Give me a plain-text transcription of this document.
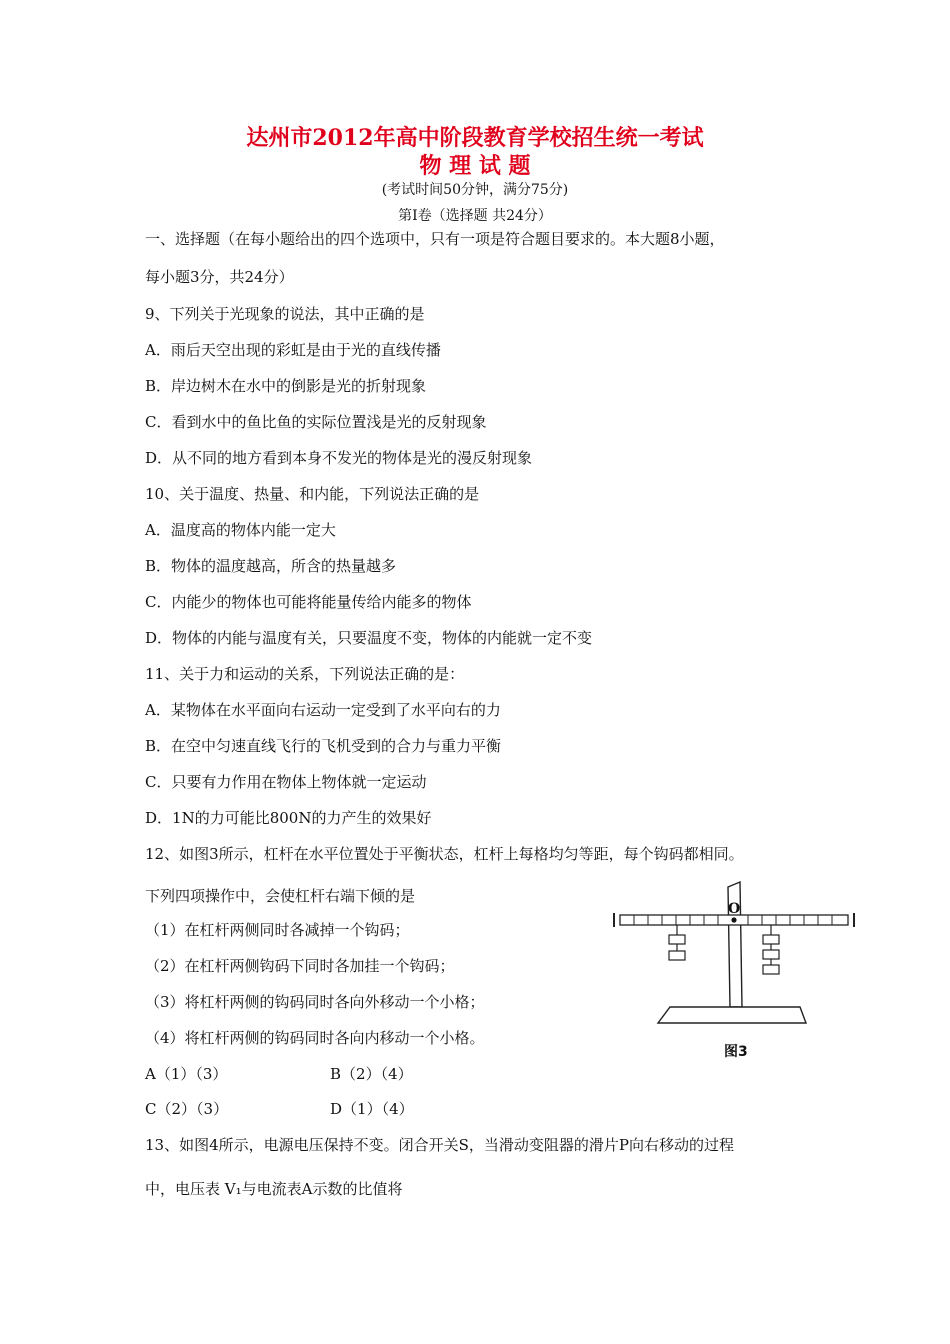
达州市2012年高中阶段教育学校招生统一考试
物 理 试 题
(考试时间50分钟，满分75分)
第Ⅰ卷（选择题 共24分）
一、选择题（在每小题给出的四个选项中，只有一项是符合题目要求的。本大题8小题，
每小题3分，共24分）
9、下列关于光现象的说法，其中正确的是
A．雨后天空出现的彩虹是由于光的直线传播
B．岸边树木在水中的倒影是光的折射现象
C．看到水中的鱼比鱼的实际位置浅是光的反射现象
D．从不同的地方看到本身不发光的物体是光的漫反射现象
10、关于温度、热量、和内能，下列说法正确的是
A．温度高的物体内能一定大
B．物体的温度越高，所含的热量越多
C．内能少的物体也可能将能量传给内能多的物体
D．物体的内能与温度有关，只要温度不变，物体的内能就一定不变
11、关于力和运动的关系，下列说法正确的是：
A．某物体在水平面向右运动一定受到了水平向右的力
B．在空中匀速直线飞行的飞机受到的合力与重力平衡
C．只要有力作用在物体上物体就一定运动
D．1N的力可能比800N的力产生的效果好
12、如图3所示，杠杆在水平位置处于平衡状态，杠杆上每格均匀等距，每个钩码都相同。
下列四项操作中，会使杠杆右端下倾的是
（1）在杠杆两侧同时各减掉一个钩码；
（2）在杠杆两侧钩码下同时各加挂一个钩码；
（3）将杠杆两侧的钩码同时各向外移动一个小格；
（4）将杠杆两侧的钩码同时各向内移动一个小格。
A（1）（3）	B（2）（4）
C（2）（3）	D（1）（4）
O
图3
13、如图4所示，电源电压保持不变。闭合开关S，当滑动变阻器的滑片P向右移动的过程
中，电压表 V₁与电流表A示数的比值将
